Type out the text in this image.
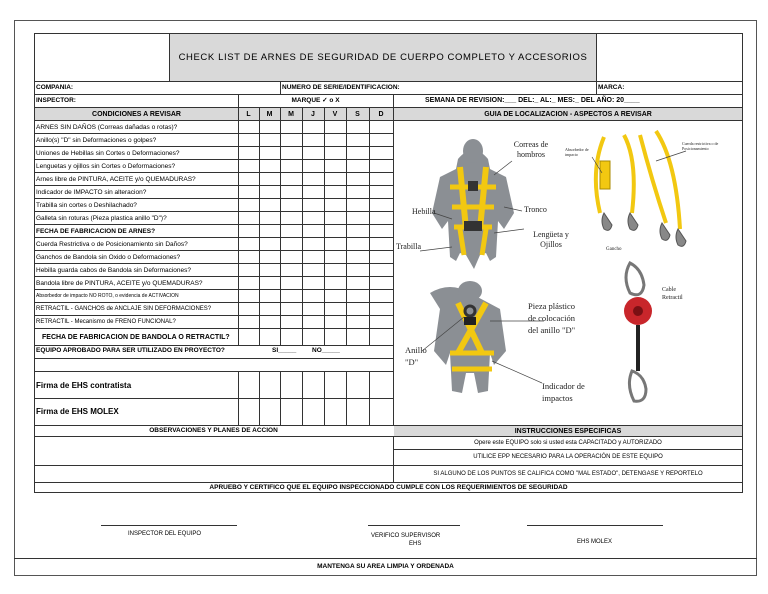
CHECK LIST DE ARNES DE SEGURIDAD DE CUERPO COMPLETO Y ACCESORIOS
COMPANIA:	NUMERO DE SERIE/IDENTIFICACION:	MARCA:
INSPECTOR:	MARQUE ✓ o X	SEMANA DE REVISION:___ DEL:_ AL:_ MES:_ DEL AÑO: 20____
CONDICIONES A REVISAR	GUIA DE LOCALIZACION - ASPECTOS A REVISAR
L	M	M	J	V	S	D
ARNES SIN DAÑOS (Correas dañadas o rotas)?
Anillo(s) "D" sin Deformaciones o golpes?
Uniones de Hebillas sin Cortes o Deformaciones?
Lenguetas y ojillos sin Cortes o Deformaciones?
Arnes libre de PINTURA, ACEITE y/o QUEMADURAS?
Indicador de IMPACTO sin alteracion?
Trabilla sin cortes o Deshilachado?
Galleta sin roturas (Pieza plastica anillo "D")?
FECHA DE FABRICACION DE ARNES?
Cuerda Restrictiva o de Posicionamiento sin Daños?
Ganchos de Bandola sin Oxido o Deformaciones?
Hebilla guarda cabos de Bandola sin Deformaciones?
Bandola libre de PINTURA, ACEITE y/o QUEMADURAS?
Absorbedor de impacto NO ROTO, o evidencia de ACTIVACION
RETRACTIL - GANCHOS de ANCLAJE SIN DEFORMACIONES?
RETRACTIL - Mecanismo de FRENO FUNCIONAL?
FECHA DE FABRICACION DE BANDOLA O RETRACTIL?
EQUIPO APROBADO PARA SER UTILIZADO EN PROYECTO?	SI_____ NO_____
Firma de EHS contratista
Firma de EHS MOLEX
Correas de hombros
Hebilla	Tronco
Lengüeta y Ojillos
Trabilla
Absorbedor de impacto
Cuerda restrictiva o de Posicionamiento
Gancho
Cable Retractil
Pieza plástico de colocación del anillo "D"
Anillo "D"
Indicador de impactos
OBSERVACIONES Y PLANES DE ACCION	INSTRUCCIONES ESPECIFICAS
Opere este EQUIPO solo si usted esta CAPACITADO y AUTORIZADO
UTILICE EPP NECESARIO PARA LA OPERACIÓN DE ESTE EQUIPO
SI ALGUNO DE LOS PUNTOS SE CALIFICA COMO "MAL ESTADO", DETENGASE Y REPORTELO
APRUEBO Y CERTIFICO QUE EL EQUIPO INSPECCIONADO CUMPLE CON LOS REQUERIMIENTOS DE SEGURIDAD
INSPECTOR DEL EQUIPO	VERIFICO SUPERVISOR
EHS	EHS MOLEX
MANTENGA SU AREA LIMPIA Y ORDENADA
